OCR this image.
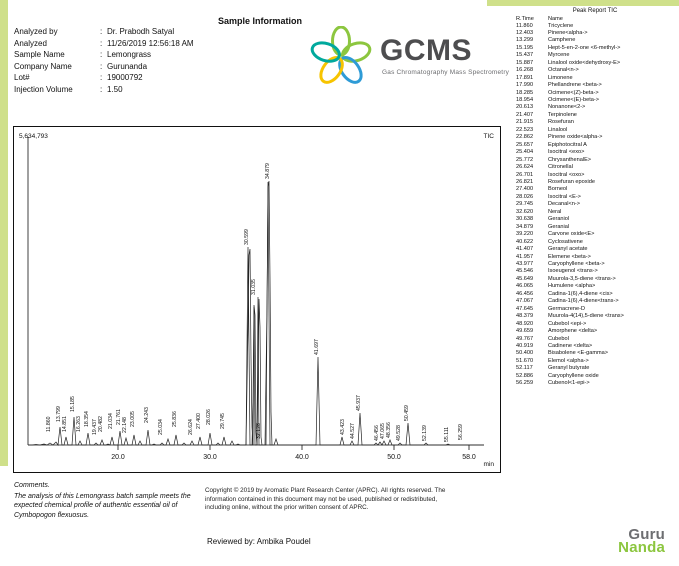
Sample Information
Analyzed by	: Dr. Prabodh Satyal
Analyzed	: 11/26/2019 12:56:18 AM
Sample Name	: Lemongrass
Company Name	: Gurunanda
Lot#	: 19000792
Injection Volume	: 1.50
GCMS
Gas Chromatography Mass Spectrometry
5,634,793	TIC
min
20.0	30.0	40.0	50.0	58.0
11.860
13.799
14.851
15.185
16.263 18.354
19.437 20.482 21.034 21.761
22.148 23.005 24.243
25.034
25.836
26.624 27.400 28.026 29.745
30.599
31.035
32.128
34.879
41.697
43.423 44.527
45.937
46.456 47.065 48.356 49.528
50.459
52.139	55.111 56.259
Peak Report TIC
R.Time	Name
11.860	Tricyclene
12.403	Pinene<alpha->
13.299	Camphene
15.195	Hept-5-en-2-one <6-methyl->
15.437	Myrcene
15.887	Linalool oxide<dehydroxy-E>
16.268	Octanal<n->
17.891	Limonene
17.990	Phellandrene <beta->
18.285	Ocimene<(Z)-beta->
18.954	Ocimene<(E)-beta->
20.613	Nonanone<2->
21.407	Terpinolene
21.915	Rosefuran
22.523	Linalool
22.862	Pinene oxide<alpha->
25.657	Epiphotocitral A
25.404	Isocitral <exo>
25.772	ChrysanthenalE>
26.624	Citronellal
26.701	Isocitral <oxo>
26.821	Rosefuran epoxide
27.400	Borneol
28.026	Isocitral <E->
29.745	Decanal<n->
32.620	Neral
30.638	Geraniol
34.879	Geranial
39.220	Carvone oxide<E>
40.622	Cyclosativene
41.407	Geranyl acetate
41.957	Elemene <beta->
43.977	Caryophyllene <beta->
45.546	Isoeugenol <trans->
45.649	Muurola-3,5-diene <trans->
46.065	Humulene <alpha>
46.456	Cadina-1(6),4-diene <cis>
47.067	Cadina-1(6),4-diene<trans->
47.645	Germacrene-D
48.379	Muurola-4(14),5-diene <trans>
48.920	Cubebol <epi->
49.659	Amorphene <delta>
49.767	Cubebol
40.919	Cadinene <delta>
50.400	Bisabolene <E-gamma>
51.670	Elemol <alpha->
52.117	Geranyl butyrate
52.886	Caryophyllene oxide
56.259	Cubenol<1-epi->
Comments.
The analysis of this Lemongrass batch sample meets the expected chemical profile of authentic essential oil of Cymbopogon flexuosus.
Copyright © 2019 by Aromatic Plant Research Center (APRC). All rights reserved. The information contained in this document may not be used, published or redistributed, including online, without the prior written consent of APRC.
Reviewed by: Ambika Poudel	Guru
Nanda
